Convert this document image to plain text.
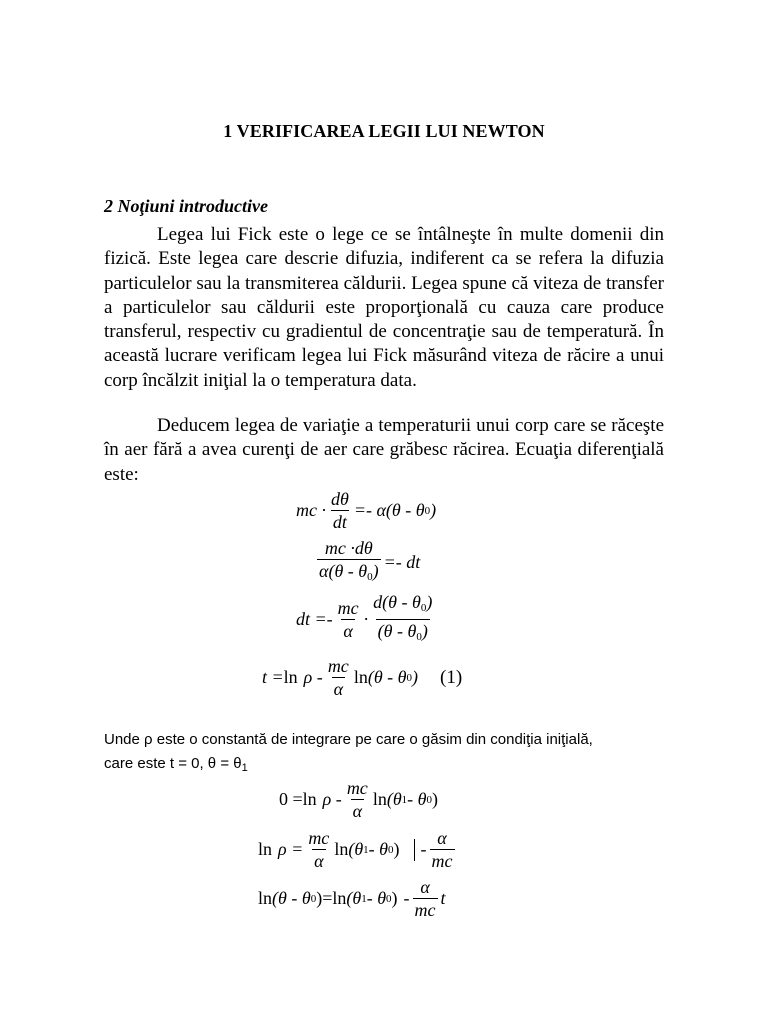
1 VERIFICAREA LEGII LUI NEWTON
2 Noţiuni introductive

Legea lui Fick este o lege ce se întâlneşte în multe domenii din fizică. Este legea care descrie difuzia, indiferent ca se refera la difuzia particulelor sau la transmiterea căldurii. Legea spune că viteza de transfer a particulelor sau căldurii este proporţională cu cauza care produce transferul, respectiv cu gradientul de concentraţie sau de temperatură. În această lucrare verificam legea lui Fick măsurând viteza de răcire a unui corp încălzit iniţial la o temperatura data.

Deducem legea de variaţie a temperaturii unui corp care se răceşte în aer fără a avea curenţi de aer care grăbesc răcirea. Ecuaţia diferenţială este:

mc · $\frac{d\theta}{dt} =- \alpha(\theta - \theta$ 0 )
$\frac{mc \cdot d\theta}{\alpha(\theta - \theta_0)}$ =- dt
dt =- $\frac{mc}{\alpha} \cdot \frac{d(\theta - \theta_0)}{(\theta - \theta_0)}$
$t = \ln \rho - \frac{mc}{\alpha}$ ln (θ - θ 0 ) (1)
Unde ρ este o constantă de integrare pe care o găsim din condiţia iniţială,
care este t = 0, $\theta = \theta_1$
$0 = \ln \rho - \frac{mc}{\alpha}$ ln (θ 1 - θ 0 )
$\ln \rho = \frac{mc}{\alpha}$ ln (θ 1 - θ 0 ) - $\frac{\alpha}{mc}$
ln (θ - θ 0 ) = ln (θ 1 - θ 0 ) - $\frac{\alpha}{mc}$ t
